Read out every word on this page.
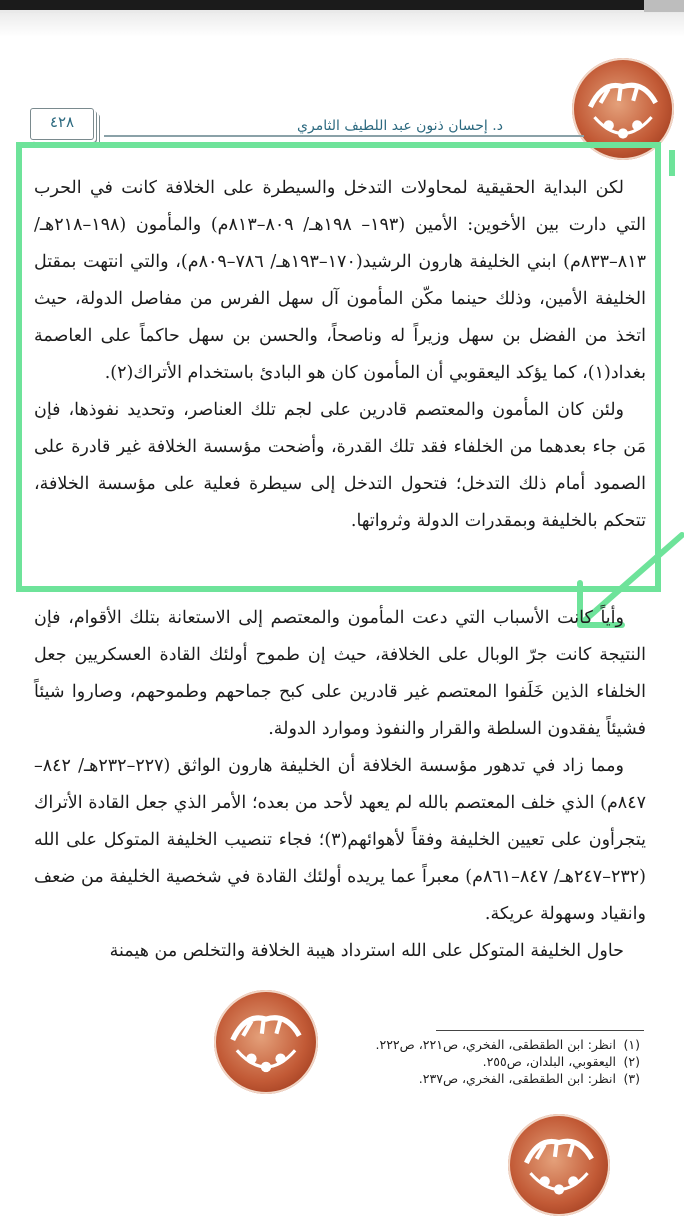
٤٢٨	د. إحسان ذنون عبد اللطيف الثامري

لكن البداية الحقيقية لمحاولات التدخل والسيطرة على الخلافة كانت في الحرب التي دارت بين الأخوين: الأمين (١٩٣– ١٩٨هـ/ ٨٠٩–٨١٣م) والمأمون (١٩٨–٢١٨هـ/ ٨١٣–٨٣٣م) ابني الخليفة هارون الرشيد(١٧٠–١٩٣هـ/ ٧٨٦–٨٠٩م)، والتي انتهت بمقتل الخليفة الأمين، وذلك حينما مكّن المأمون آل سهل الفرس من مفاصل الدولة، حيث اتخذ من الفضل بن سهل وزيراً له وناصحاً، والحسن بن سهل حاكماً على العاصمة بغداد(١)، كما يؤكد اليعقوبي أن المأمون كان هو البادئ باستخدام الأتراك(٢).

ولئن كان المأمون والمعتصم قادرين على لجم تلك العناصر، وتحديد نفوذها، فإن مَن جاء بعدهما من الخلفاء فقد تلك القدرة، وأضحت مؤسسة الخلافة غير قادرة على الصمود أمام ذلك التدخل؛ فتحول التدخل إلى سيطرة فعلية على مؤسسة الخلافة، تتحكم بالخليفة وبمقدرات الدولة وثرواتها.

وأياً كانت الأسباب التي دعت المأمون والمعتصم إلى الاستعانة بتلك الأقوام، فإن النتيجة كانت جرّ الوبال على الخلافة، حيث إن طموح أولئك القادة العسكريين جعل الخلفاء الذين خَلَفوا المعتصم غير قادرين على كبح جماحهم وطموحهم، وصاروا شيئاً فشيئاً يفقدون السلطة والقرار والنفوذ وموارد الدولة.

ومما زاد في تدهور مؤسسة الخلافة أن الخليفة هارون الواثق (٢٢٧–٢٣٢هـ/ ٨٤٢–٨٤٧م) الذي خلف المعتصم بالله لم يعهد لأحد من بعده؛ الأمر الذي جعل القادة الأتراك يتجرأون على تعيين الخليفة وفقاً لأهوائهم(٣)؛ فجاء تنصيب الخليفة المتوكل على الله (٢٣٢–٢٤٧هـ/ ٨٤٧–٨٦١م) معبراً عما يريده أولئك القادة في شخصية الخليفة من ضعف وانقياد وسهولة عريكة.

حاول الخليفة المتوكل على الله استرداد هيبة الخلافة والتخلص من هيمنة

(١) انظر: ابن الطقطقى، الفخري، ص٢٢١، ص٢٢٢.
(٢) اليعقوبي، البلدان، ص٢٥٥.
(٣) انظر: ابن الطقطقى، الفخري، ص٢٣٧.
